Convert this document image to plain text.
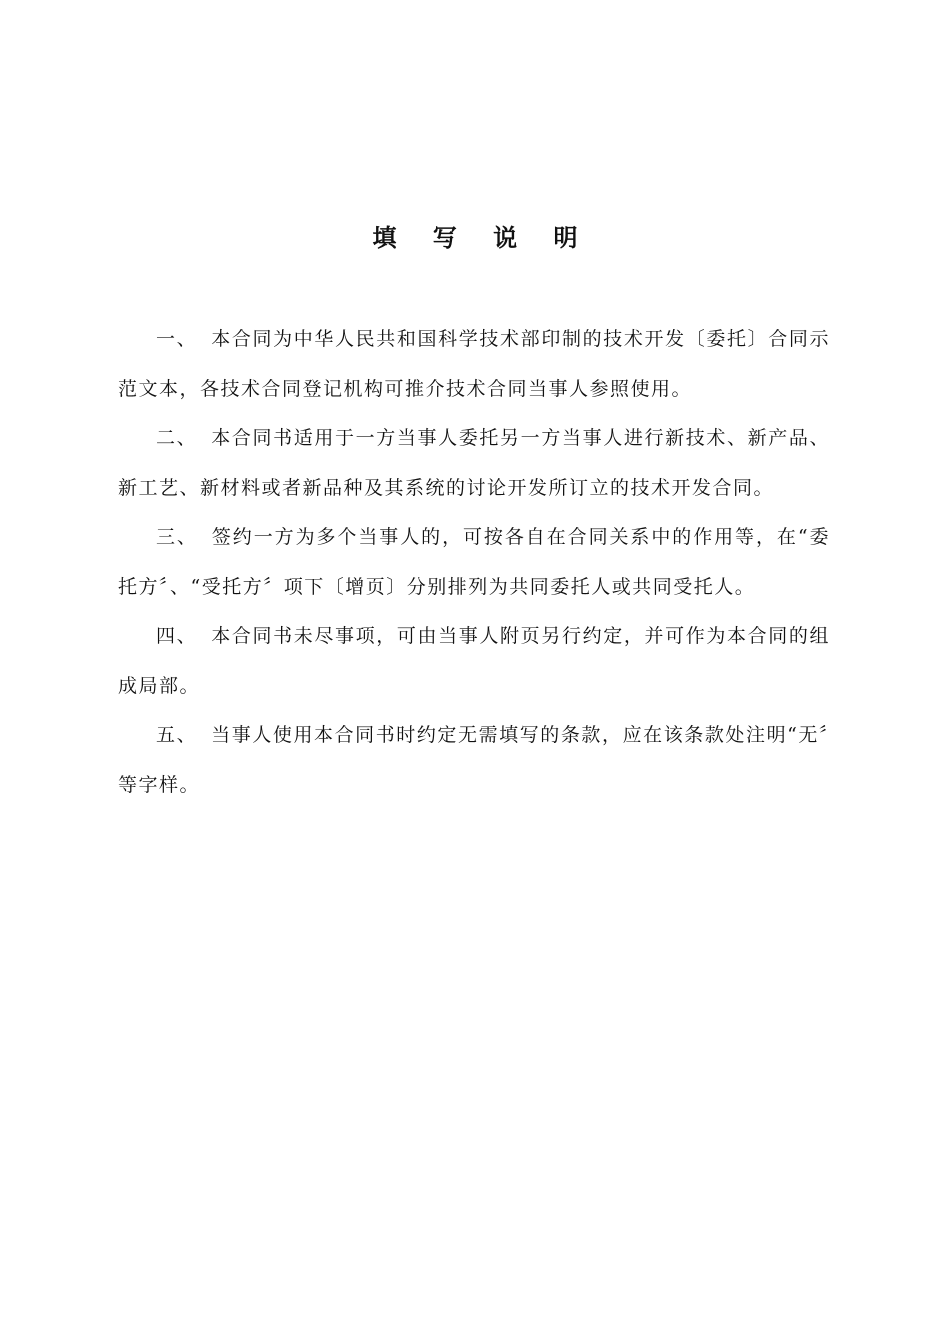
填 写 说 明

一、 本合同为中华人民共和国科学技术部印制的技术开发〔委托〕合同示范文本，各技术合同登记机构可推介技术合同当事人参照使用。

二、 本合同书适用于一方当事人委托另一方当事人进行新技术、新产品、新工艺、新材料或者新品种及其系统的讨论开发所订立的技术开发合同。

三、 签约一方为多个当事人的，可按各自在合同关系中的作用等，在“委托方〞、“受托方〞项下〔增页〕分别排列为共同委托人或共同受托人。

四、 本合同书未尽事项，可由当事人附页另行约定，并可作为本合同的组成局部。

五、 当事人使用本合同书时约定无需填写的条款，应在该条款处注明“无〞等字样。
